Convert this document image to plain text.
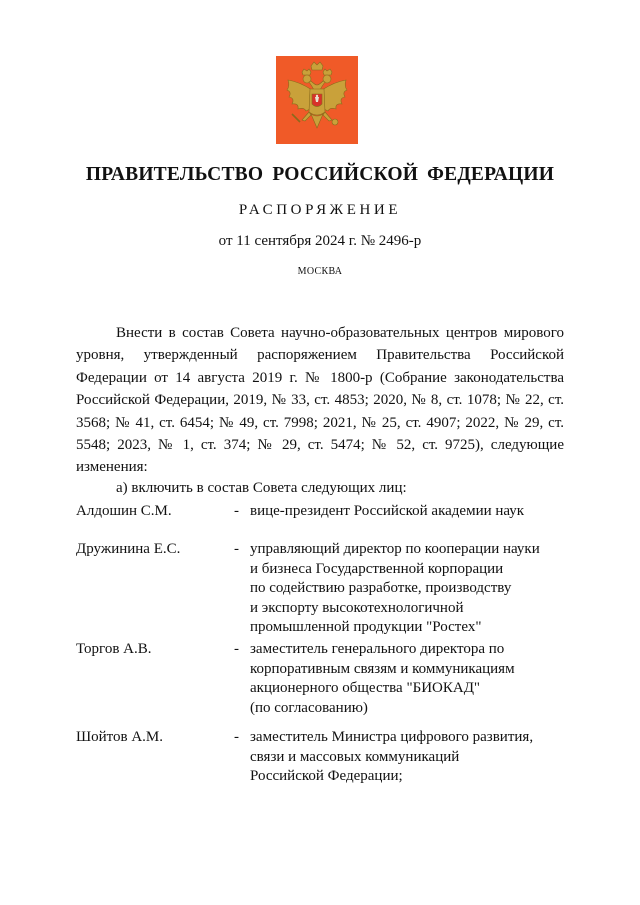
ПРАВИТЕЛЬСТВО РОССИЙСКОЙ ФЕДЕРАЦИИ
РАСПОРЯЖЕНИЕ
от 11 сентября 2024 г. № 2496-р
МОСКВА

Внести в состав Совета научно-образовательных центров мирового уровня, утвержденный распоряжением Правительства Российской Федерации от 14 августа 2019 г. № 1800-р (Собрание законодательства Российской Федерации, 2019, № 33, ст. 4853; 2020, № 8, ст. 1078; № 22, ст. 3568; № 41, ст. 6454; № 49, ст. 7998; 2021, № 25, ст. 4907; 2022, № 29, ст. 5548; 2023, № 1, ст. 374; № 29, ст. 5474; № 52, ст. 9725), следующие изменения:

а) включить в состав Совета следующих лиц:
Алдошин С.М.	- вице-президент Российской академии наук
Дружинина Е.С.	- управляющий директор по кооперации науки
и бизнеса Государственной корпорации
по содействию разработке, производству
и экспорту высокотехнологичной
промышленной продукции "Ростех"
Торгов А.В.	- заместитель генерального директора по
корпоративным связям и коммуникациям
акционерного общества "БИОКАД"
(по согласованию)
Шойтов А.М.	- заместитель Министра цифрового развития,
связи и массовых коммуникаций
Российской Федерации;
